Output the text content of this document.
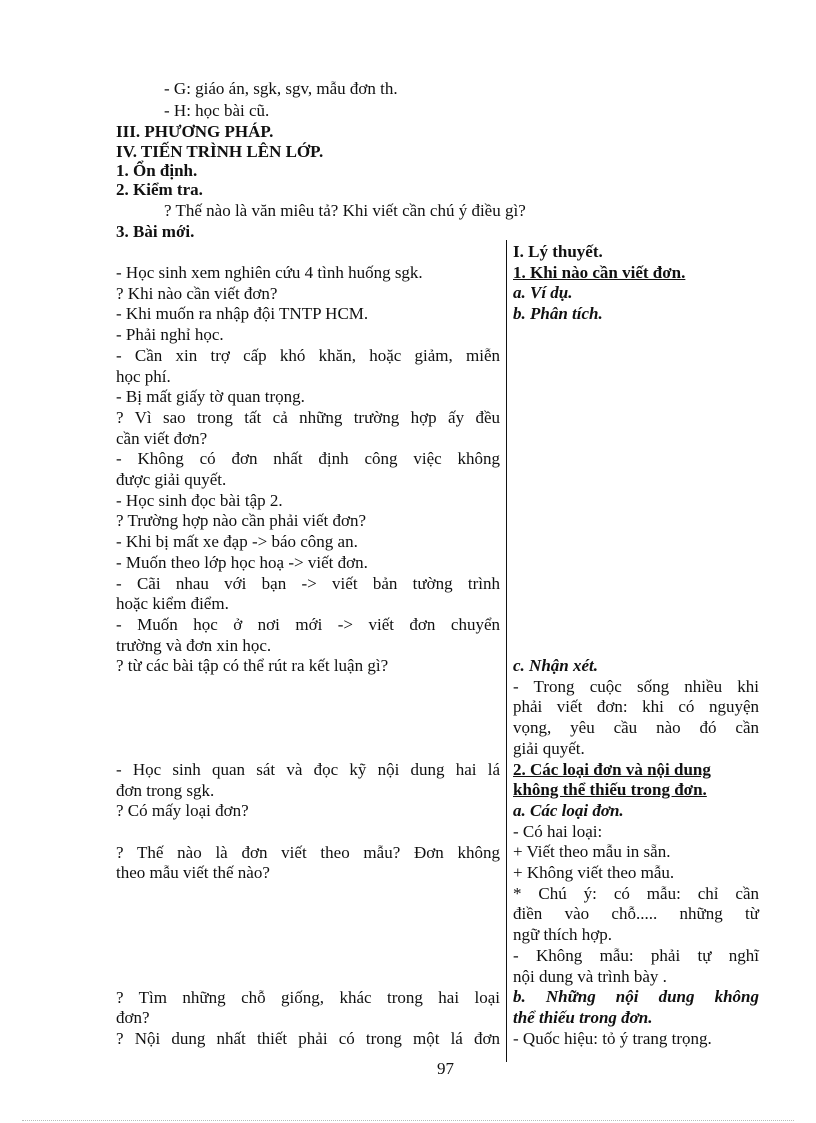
- G: giáo án, sgk, sgv, mẫu đơn th.
- H: học bài cũ.
III. PHƯƠNG PHÁP.
IV. TIẾN TRÌNH LÊN LỚP.
1. Ổn định.
2. Kiểm tra.
? Thế nào là văn miêu tả? Khi viết cần chú ý điều gì?
3. Bài mới.
- Học sinh xem nghiên cứu 4 tình huống sgk.
? Khi nào cần viết đơn?
- Khi muốn ra nhập đội TNTP HCM.
- Phải nghỉ học.
- Cần xin trợ cấp khó khăn, hoặc giảm, miễn
học phí.
- Bị mất giấy tờ quan trọng.
? Vì sao trong tất cả những trường hợp ấy đều
cần viết đơn?
- Không có đơn nhất định công việc không
được giải quyết.
- Học sinh đọc bài tập 2.
? Trường hợp nào cần phải viết đơn?
- Khi bị mất xe đạp -> báo công an.
- Muốn theo lớp học hoạ -> viết đơn.
- Cãi nhau với bạn -> viết bản tường trình
hoặc kiểm điểm.
- Muốn học ở nơi mới -> viết đơn chuyển
trường và đơn xin học.
? từ các bài tập có thể rút ra kết luận gì?
- Học sinh quan sát và đọc kỹ nội dung hai lá
đơn trong sgk.
? Có mấy loại đơn?
? Thế nào là đơn viết theo mẫu? Đơn không
theo mẫu viết thế nào?
? Tìm những chỗ giống, khác trong hai loại
đơn?
? Nội dung nhất thiết phải có trong một lá đơn
I. Lý thuyết.
1. Khi nào cần viết đơn.
a. Ví dụ.
b. Phân tích.
c. Nhận xét.
- Trong cuộc sống nhiều khi
phải viết đơn: khi có nguyện
vọng, yêu cầu nào đó cần
giải quyết.
2. Các loại đơn và nội dung
không thể thiếu trong đơn.
a. Các loại đơn.
- Có hai loại:
+ Viết theo mẫu in sẵn.
+ Không viết theo mẫu.
* Chú ý: có mẫu: chỉ cần
điền vào chỗ..... những từ
ngữ thích hợp.
- Không mẫu: phải tự nghĩ
nội dung và trình bày .
b. Những nội dung không
thể thiếu trong đơn.
- Quốc hiệu: tỏ ý trang trọng.
97
